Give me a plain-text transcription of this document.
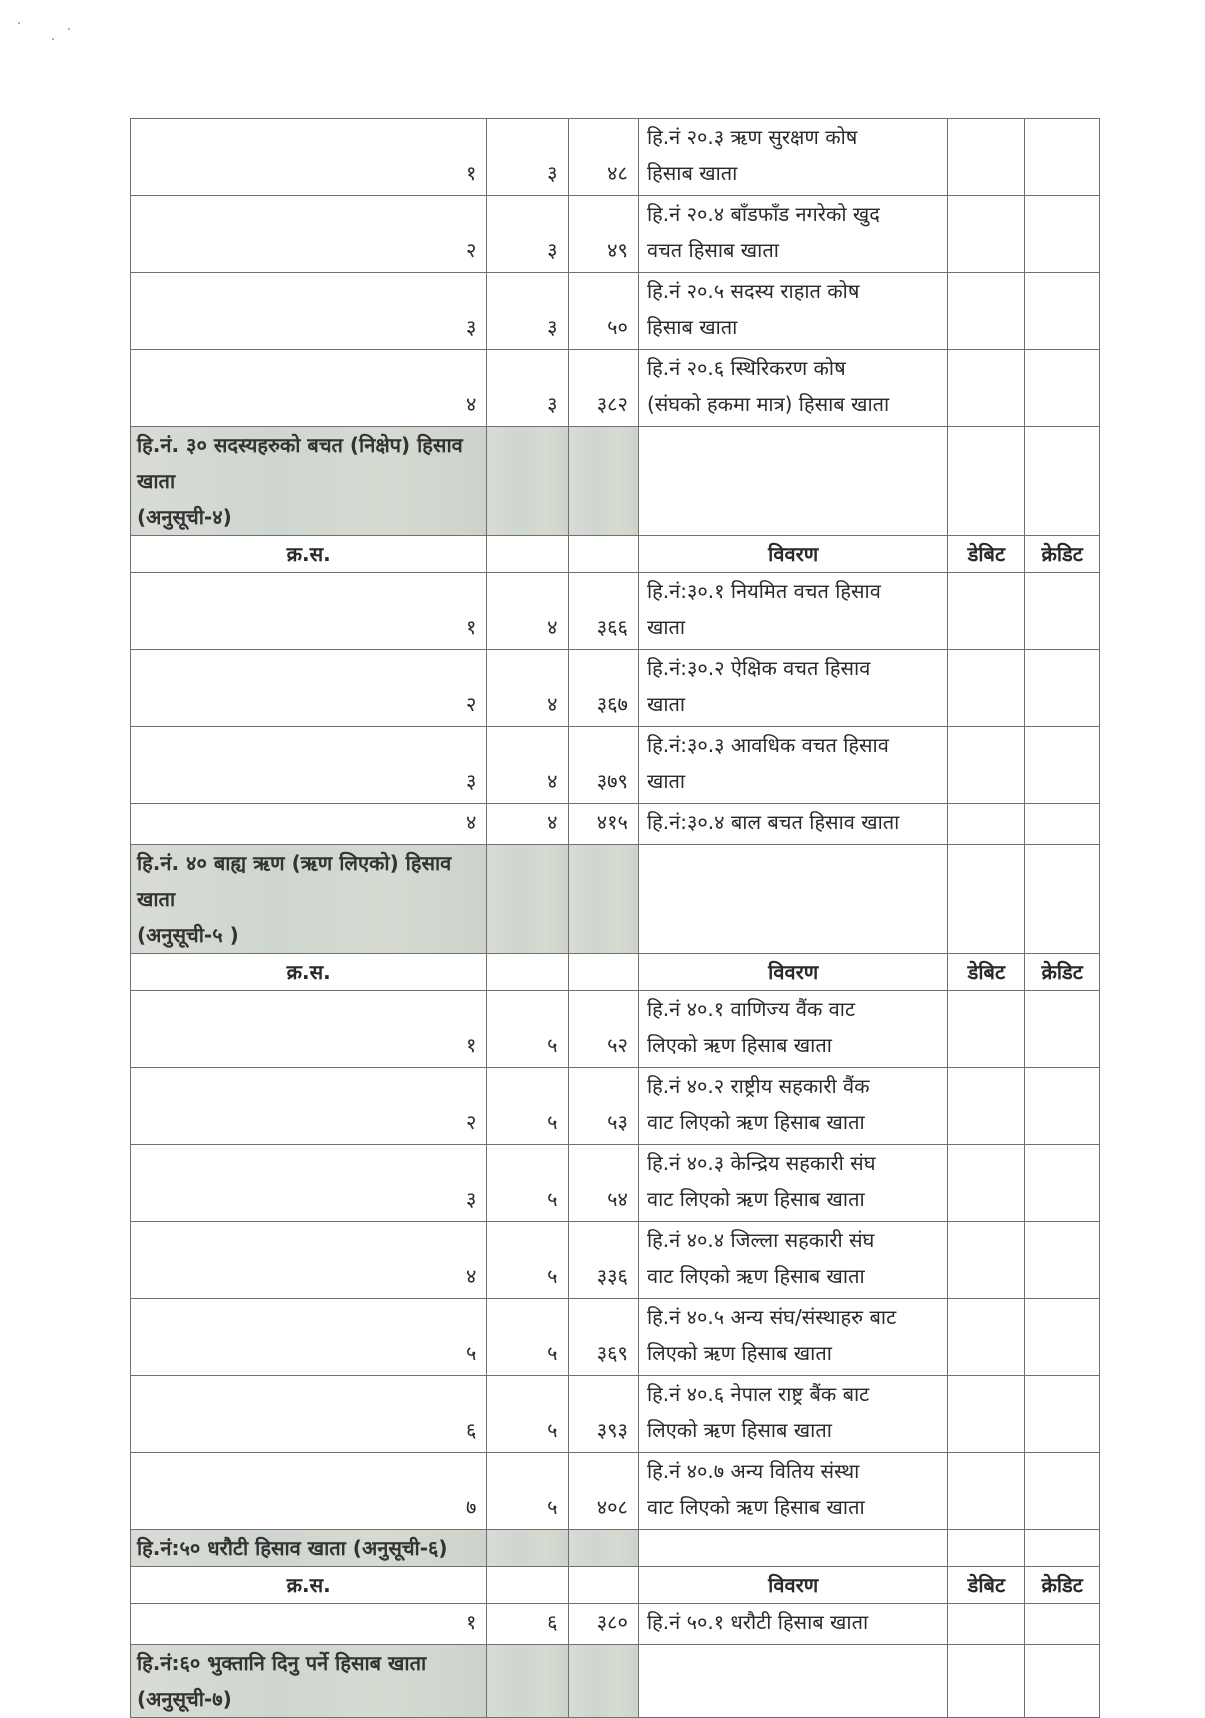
१	३	४८	हि.नं २०.३ ऋण सुरक्षण कोष
हिसाब खाता		

२	३	४९	हि.नं २०.४ बाँडफाँड नगरेको खुद
वचत हिसाब खाता		

३	३	५०	हि.नं २०.५ सदस्य राहात कोष
हिसाब खाता		

४	३	३८२	हि.नं २०.६ स्थिरिकरण कोष
(संघको हकमा मात्र) हिसाब खाता		

हि.नं. ३० सदस्यहरुको बचत (निक्षेप) हिसाव खाता
(अनुसूची-४)					

क्र.स.			विवरण	डेबिट	क्रेडिट
१	४	३६६	हि.नं:३०.१ नियमित वचत हिसाव
खाता		

२	४	३६७	हि.नं:३०.२ ऐक्षिक वचत हिसाव
खाता		

३	४	३७९	हि.नं:३०.३ आवधिक वचत हिसाव
खाता		

४	४	४१५	हि.नं:३०.४ बाल बचत हिसाव खाता		

हि.नं. ४० बाह्य ऋण (ऋण लिएको) हिसाव खाता
(अनुसूची-५ )					

क्र.स.			विवरण	डेबिट	क्रेडिट
१	५	५२	हि.नं ४०.१ वाणिज्य वैंक वाट
लिएको ऋण हिसाब खाता		

२	५	५३	हि.नं ४०.२ राष्ट्रीय सहकारी वैंक
वाट लिएको ऋण हिसाब खाता		

३	५	५४	हि.नं ४०.३ केन्द्रिय सहकारी संघ
वाट लिएको ऋण हिसाब खाता		

४	५	३३६	हि.नं ४०.४ जिल्ला सहकारी संघ
वाट लिएको ऋण हिसाब खाता		

५	५	३६९	हि.नं ४०.५ अन्य संघ/संस्थाहरु बाट
लिएको ऋण हिसाब खाता		

६	५	३९३	हि.नं ४०.६ नेपाल राष्ट्र बैंक बाट
लिएको ऋण हिसाब खाता		

७	५	४०८	हि.नं ४०.७ अन्य वितिय संस्था
वाट लिएको ऋण हिसाब खाता		

हि.नं:५० धरौटी हिसाव खाता (अनुसूची-६)					

क्र.स.			विवरण	डेबिट	क्रेडिट
१	६	३८०	हि.नं ५०.१ धरौटी हिसाब खाता		

हि.नं:६० भुक्तानि दिनु पर्ने हिसाब खाता (अनुसूची-७)					
